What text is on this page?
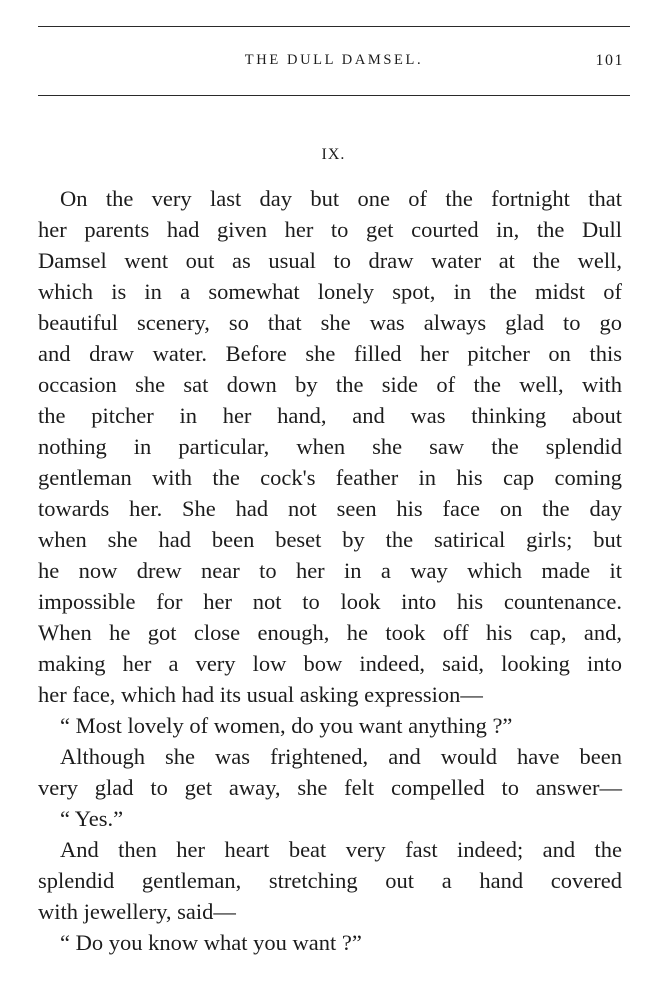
THE DULL DAMSEL.	101
IX.
On the very last day but one of the fortnight that
her parents had given her to get courted in, the Dull
Damsel went out as usual to draw water at the well,
which is in a somewhat lonely spot, in the midst of
beautiful scenery, so that she was always glad to go
and draw water. Before she filled her pitcher on this
occasion she sat down by the side of the well, with
the pitcher in her hand, and was thinking about
nothing in particular, when she saw the splendid
gentleman with the cock's feather in his cap coming
towards her. She had not seen his face on the day
when she had been beset by the satirical girls; but
he now drew near to her in a way which made it
impossible for her not to look into his countenance.
When he got close enough, he took off his cap, and,
making her a very low bow indeed, said, looking into
her face, which had its usual asking expression—
“ Most lovely of women, do you want anything ?”
Although she was frightened, and would have been
very glad to get away, she felt compelled to answer—
“ Yes.”
And then her heart beat very fast indeed; and the
splendid gentleman, stretching out a hand covered
with jewellery, said—
“ Do you know what you want ?”
